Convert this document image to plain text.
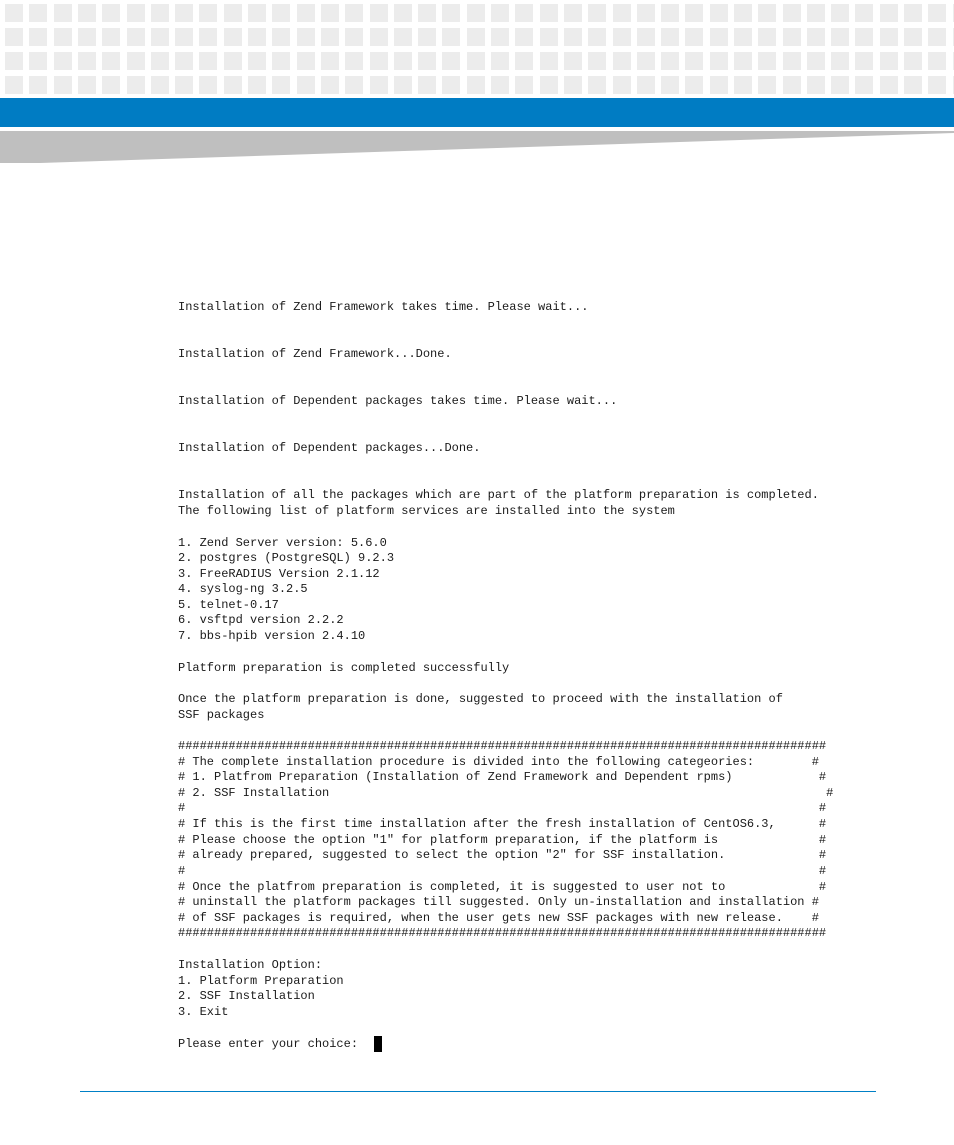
Installation of Zend Framework takes time. Please wait...
Installation of Zend Framework...Done.
Installation of Dependent packages takes time. Please wait...
Installation of Dependent packages...Done.
Installation of all the packages which are part of the platform preparation is completed.
The following list of platform services are installed into the system
1. Zend Server version: 5.6.0
2. postgres (PostgreSQL) 9.2.3
3. FreeRADIUS Version 2.1.12
4. syslog-ng 3.2.5
5. telnet-0.17
6. vsftpd version 2.2.2
7. bbs-hpib version 2.4.10
Platform preparation is completed successfully
Once the platform preparation is done, suggested to proceed with the installation of
SSF packages
##########################################################################################
# The complete installation procedure is divided into the following categeories:        #
# 1. Platfrom Preparation (Installation of Zend Framework and Dependent rpms)            #
# 2. SSF Installation                                                                     #
#                                                                                        #
# If this is the first time installation after the fresh installation of CentOS6.3,      #
# Please choose the option "1" for platform preparation, if the platform is              #
# already prepared, suggested to select the option "2" for SSF installation.             #
#                                                                                        #
# Once the platfrom preparation is completed, it is suggested to user not to             #
# uninstall the platform packages till suggested. Only un-installation and installation #
# of SSF packages is required, when the user gets new SSF packages with new release.    #
##########################################################################################
Installation Option:
1. Platform Preparation
2. SSF Installation
3. Exit
Please enter your choice:
